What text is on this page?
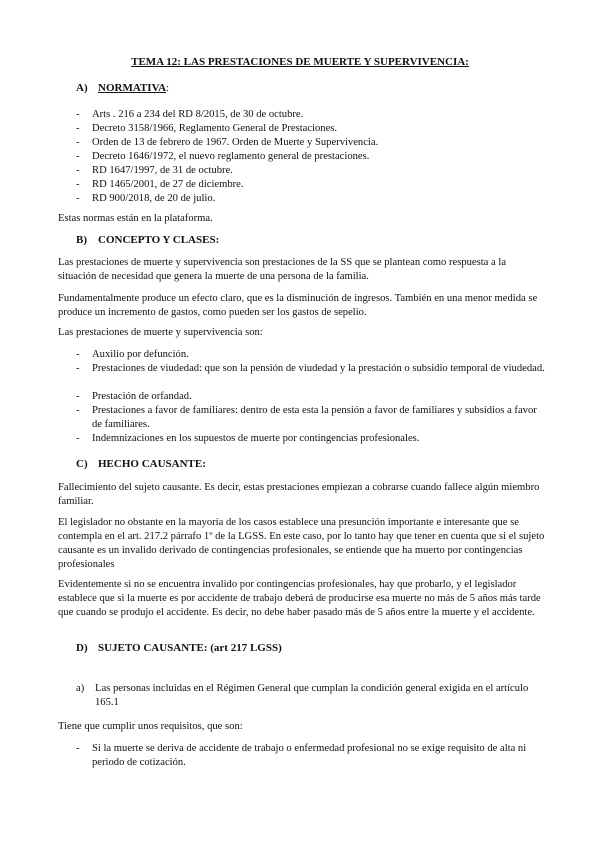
TEMA 12: LAS PRESTACIONES DE MUERTE Y SUPERVIVENCIA:
A) NORMATIVA:
- Arts . 216 a 234 del RD 8/2015, de 30 de octubre.
- Decreto 3158/1966, Reglamento General de Prestaciones.
- Orden de 13 de febrero de 1967. Orden de Muerte y Supervivencia.
- Decreto 1646/1972, el nuevo reglamento general de prestaciones.
- RD 1647/1997, de 31 de octubre.
- RD 1465/2001, de 27 de diciembre.
- RD 900/2018, de 20 de julio.
Estas normas están en la plataforma.
B) CONCEPTO Y CLASES:
Las prestaciones de muerte y supervivencia son prestaciones de la SS que se plantean como respuesta a la situación de necesidad que genera la muerte de una persona de la familia.
Fundamentalmente produce un efecto claro, que es la disminución de ingresos. También en una menor medida se produce un incremento de gastos, como pueden ser los gastos de sepelio.
Las prestaciones de muerte y supervivencia son:
- Auxilio por defunción.
- Prestaciones de viudedad: que son la pensión de viudedad y la prestación o subsidio temporal de viudedad.
- Prestación de orfandad.
- Prestaciones a favor de familiares: dentro de esta esta la pensión a favor de familiares y subsidios a favor de familiares.
- Indemnizaciones en los supuestos de muerte por contingencias profesionales.
C) HECHO CAUSANTE:
Fallecimiento del sujeto causante. Es decir, estas prestaciones empiezan a cobrarse cuando fallece algún miembro familiar.
El legislador no obstante en la mayoría de los casos establece una presunción importante e interesante que se contempla en el art. 217.2 párrafo 1º de la LGSS. En este caso, por lo tanto hay que tener en cuenta que si el sujeto causante es un invalido derivado de contingencias profesionales, se entiende que ha muerto por contingencias profesionales
Evidentemente si no se encuentra invalido por contingencias profesionales, hay que probarlo, y el legislador establece que si la muerte es por accidente de trabajo deberá de producirse esa muerte no más de 5 años más tarde que cuando se produjo el accidente. Es decir, no debe haber pasado más de 5 años entre la muerte y el accidente.
D) SUJETO CAUSANTE: (art 217 LGSS)
a) Las personas incluidas en el Régimen General que cumplan la condición general exigida en el artículo 165.1
Tiene que cumplir unos requisitos, que son:
- Si la muerte se deriva de accidente de trabajo o enfermedad profesional no se exige requisito de alta ni periodo de cotización.
